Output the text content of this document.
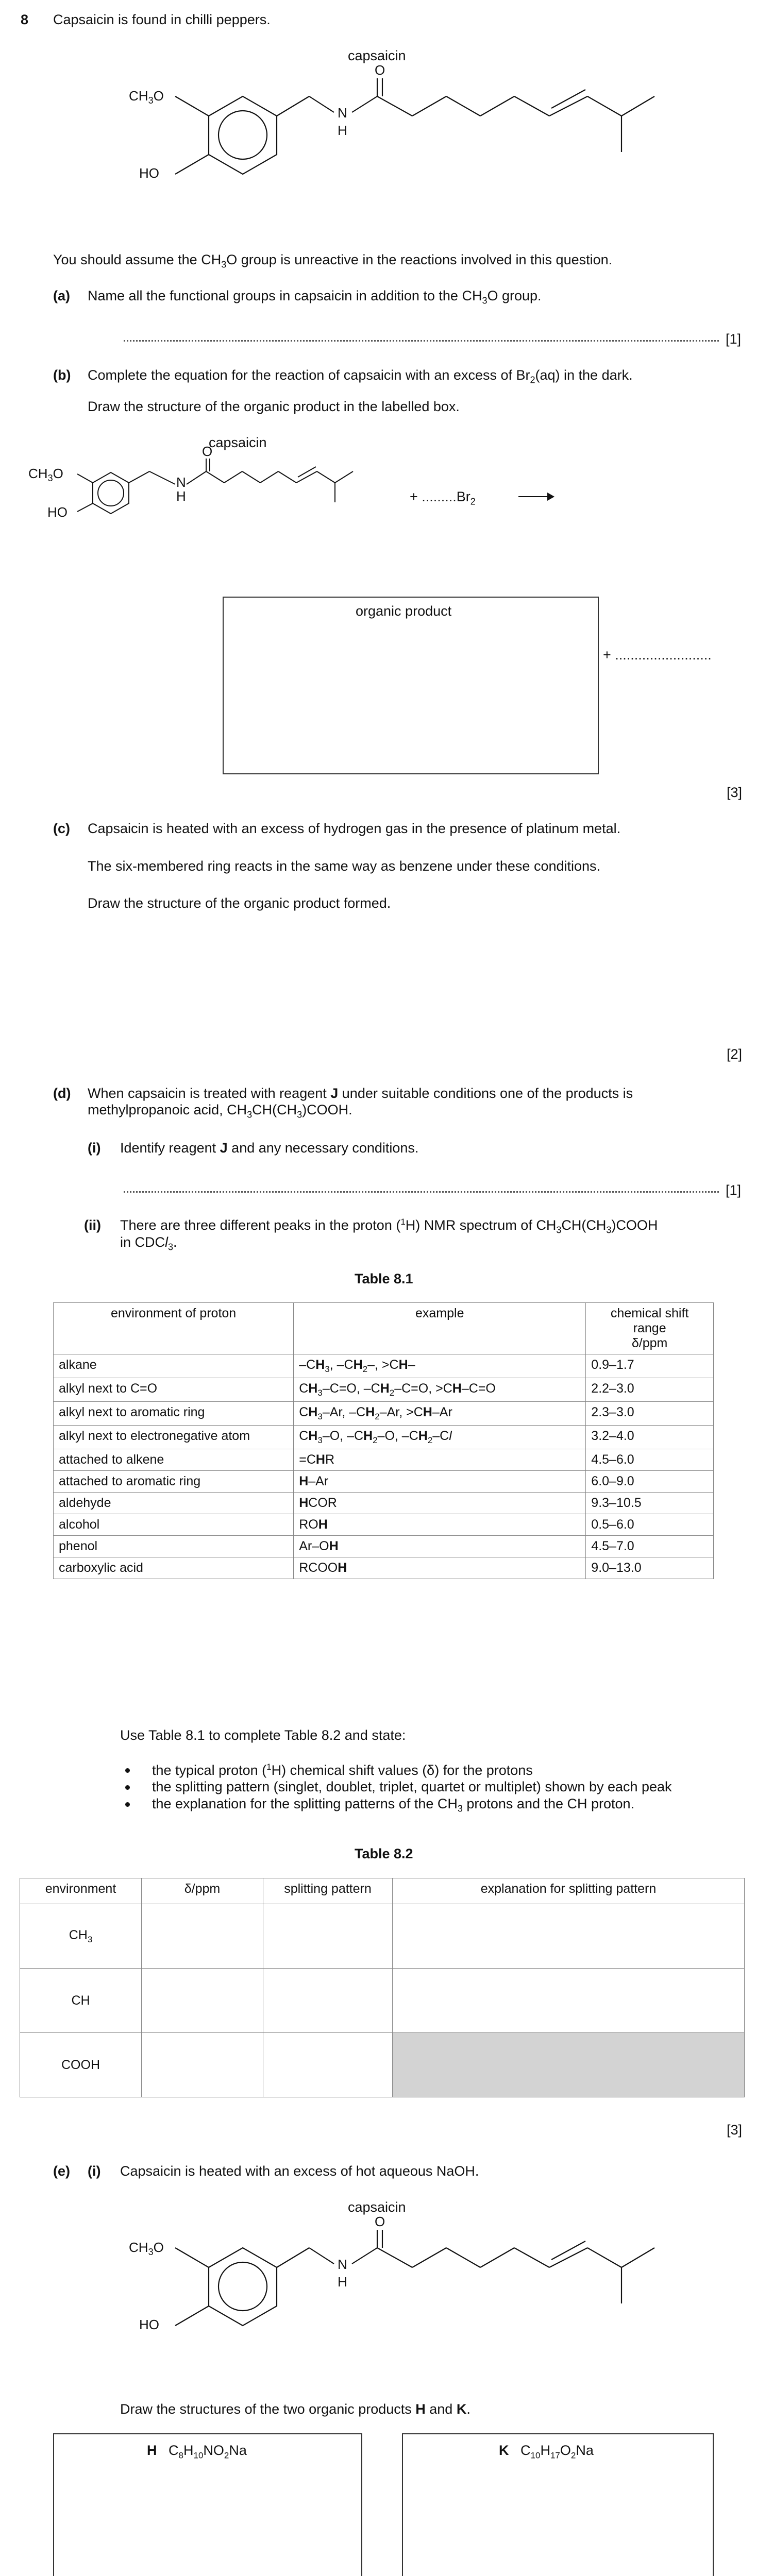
8 Capsaicin is found in chilli peppers.
capsaicin
O
N
H
$CH_3O$
HO
You should assume the $CH_3O$ group is unreactive in the reactions involved in this question.
(a) Name all the functional groups in capsaicin in addition to the $CH_3O$ group.
[1]
(b) Complete the equation for the reaction of capsaicin with an excess of $Br_2(aq)$ in the dark.
Draw the structure of the organic product in the labelled box.
capsaicin
O
N
H
$CH_3O$
HO
+ $.........Br_2$
organic product
+ .........................
[3]
(c) Capsaicin is heated with an excess of hydrogen gas in the presence of platinum metal.
The six-membered ring reacts in the same way as benzene under these conditions.
Draw the structure of the organic product formed.
[2]
(d) When capsaicin is treated with reagent J under suitable conditions one of the products is
methylpropanoic acid, $CH_3CH(CH_3)COOH$.
(i) Identify reagent J and any necessary conditions.
[1]
(ii) There are three different peaks in the proton ($^1$H) NMR spectrum of $CH_3CH(CH_3)COOH$
in CDCl$_3$.
Table 8.1
environment of proton	example	chemical shift
range
δ/ppm
alkane	$-CH_3$, $-CH_2-$, >CH–	0.9–1.7
alkyl next to C=O	$CH_3-C=O$, $-CH_2-C=O$, >CH–C=O	2.2–3.0
alkyl next to aromatic ring	$CH_3-Ar$, $-CH_2-Ar$, >CH–Ar	2.3–3.0
alkyl next to electronegative atom	$CH_3-O$, $-CH_2-O$, $-CH_2-Cl$	3.2–4.0
attached to alkene	=CHR	4.5–6.0
attached to aromatic ring	H–Ar	6.0–9.0
aldehyde	HCOR	9.3–10.5
alcohol	ROH	0.5–6.0
phenol	Ar–OH	4.5–7.0
carboxylic acid	RCOOH	9.0–13.0
Use Table 8.1 to complete Table 8.2 and state:
the typical proton ($^1$H) chemical shift values (δ) for the protons
the splitting pattern (singlet, doublet, triplet, quartet or multiplet) shown by each peak
the explanation for the splitting patterns of the $CH_3$ protons and the CH proton.
Table 8.2
environment	δ/ppm	splitting pattern	explanation for splitting pattern
$CH_3$			
CH			
COOH			
[3]
(e) (i) Capsaicin is heated with an excess of hot aqueous NaOH.
capsaicin
O
N
H
$CH_3O$
HO
Draw the structures of the two organic products H and K.
H   $C_8H_{10}NO_2Na$	K   $C_{10}H_{17}O_2Na$
